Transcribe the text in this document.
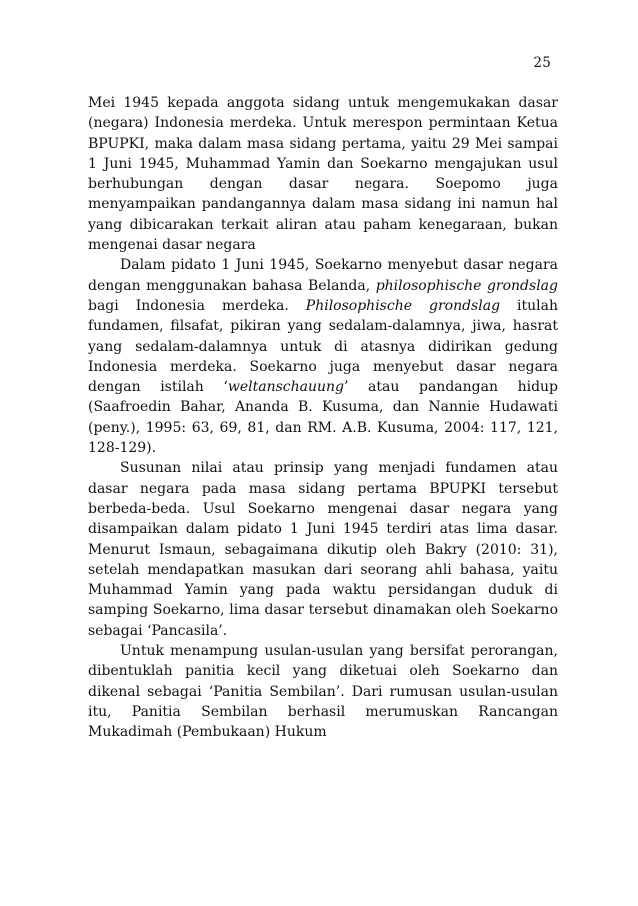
25

Mei 1945 kepada anggota sidang untuk mengemukakan dasar (negara) Indonesia merdeka. Untuk merespon permintaan Ketua BPUPKI, maka dalam masa sidang pertama, yaitu 29 Mei sampai 1 Juni 1945, Muhammad Yamin dan Soekarno mengajukan usul berhubungan dengan dasar negara. Soepomo juga menyampaikan pandangannya dalam masa sidang ini namun hal yang dibicarakan terkait aliran atau paham kenegaraan, bukan mengenai dasar negara

Dalam pidato 1 Juni 1945, Soekarno menyebut dasar negara dengan menggunakan bahasa Belanda, philosophische grondslag bagi Indonesia merdeka. Philosophische grondslag itulah fundamen, filsafat, pikiran yang sedalam-dalamnya, jiwa, hasrat yang sedalam-dalamnya untuk di atasnya didirikan gedung Indonesia merdeka. Soekarno juga menyebut dasar negara dengan istilah ‘weltanschauung’ atau pandangan hidup (Saafroedin Bahar, Ananda B. Kusuma, dan Nannie Hudawati (peny.), 1995: 63, 69, 81, dan RM. A.B. Kusuma, 2004: 117, 121, 128-129).

Susunan nilai atau prinsip yang menjadi fundamen atau dasar negara pada masa sidang pertama BPUPKI tersebut berbeda-beda. Usul Soekarno mengenai dasar negara yang disampaikan dalam pidato 1 Juni 1945 terdiri atas lima dasar. Menurut Ismaun, sebagaimana dikutip oleh Bakry (2010: 31), setelah mendapatkan masukan dari seorang ahli bahasa, yaitu Muhammad Yamin yang pada waktu persidangan duduk di samping Soekarno, lima dasar tersebut dinamakan oleh Soekarno sebagai ‘Pancasila’.

Untuk menampung usulan-usulan yang bersifat perorangan, dibentuklah panitia kecil yang diketuai oleh Soekarno dan dikenal sebagai ‘Panitia Sembilan’. Dari rumusan usulan-usulan itu, Panitia Sembilan berhasil merumuskan Rancangan Mukadimah (Pembukaan) Hukum
